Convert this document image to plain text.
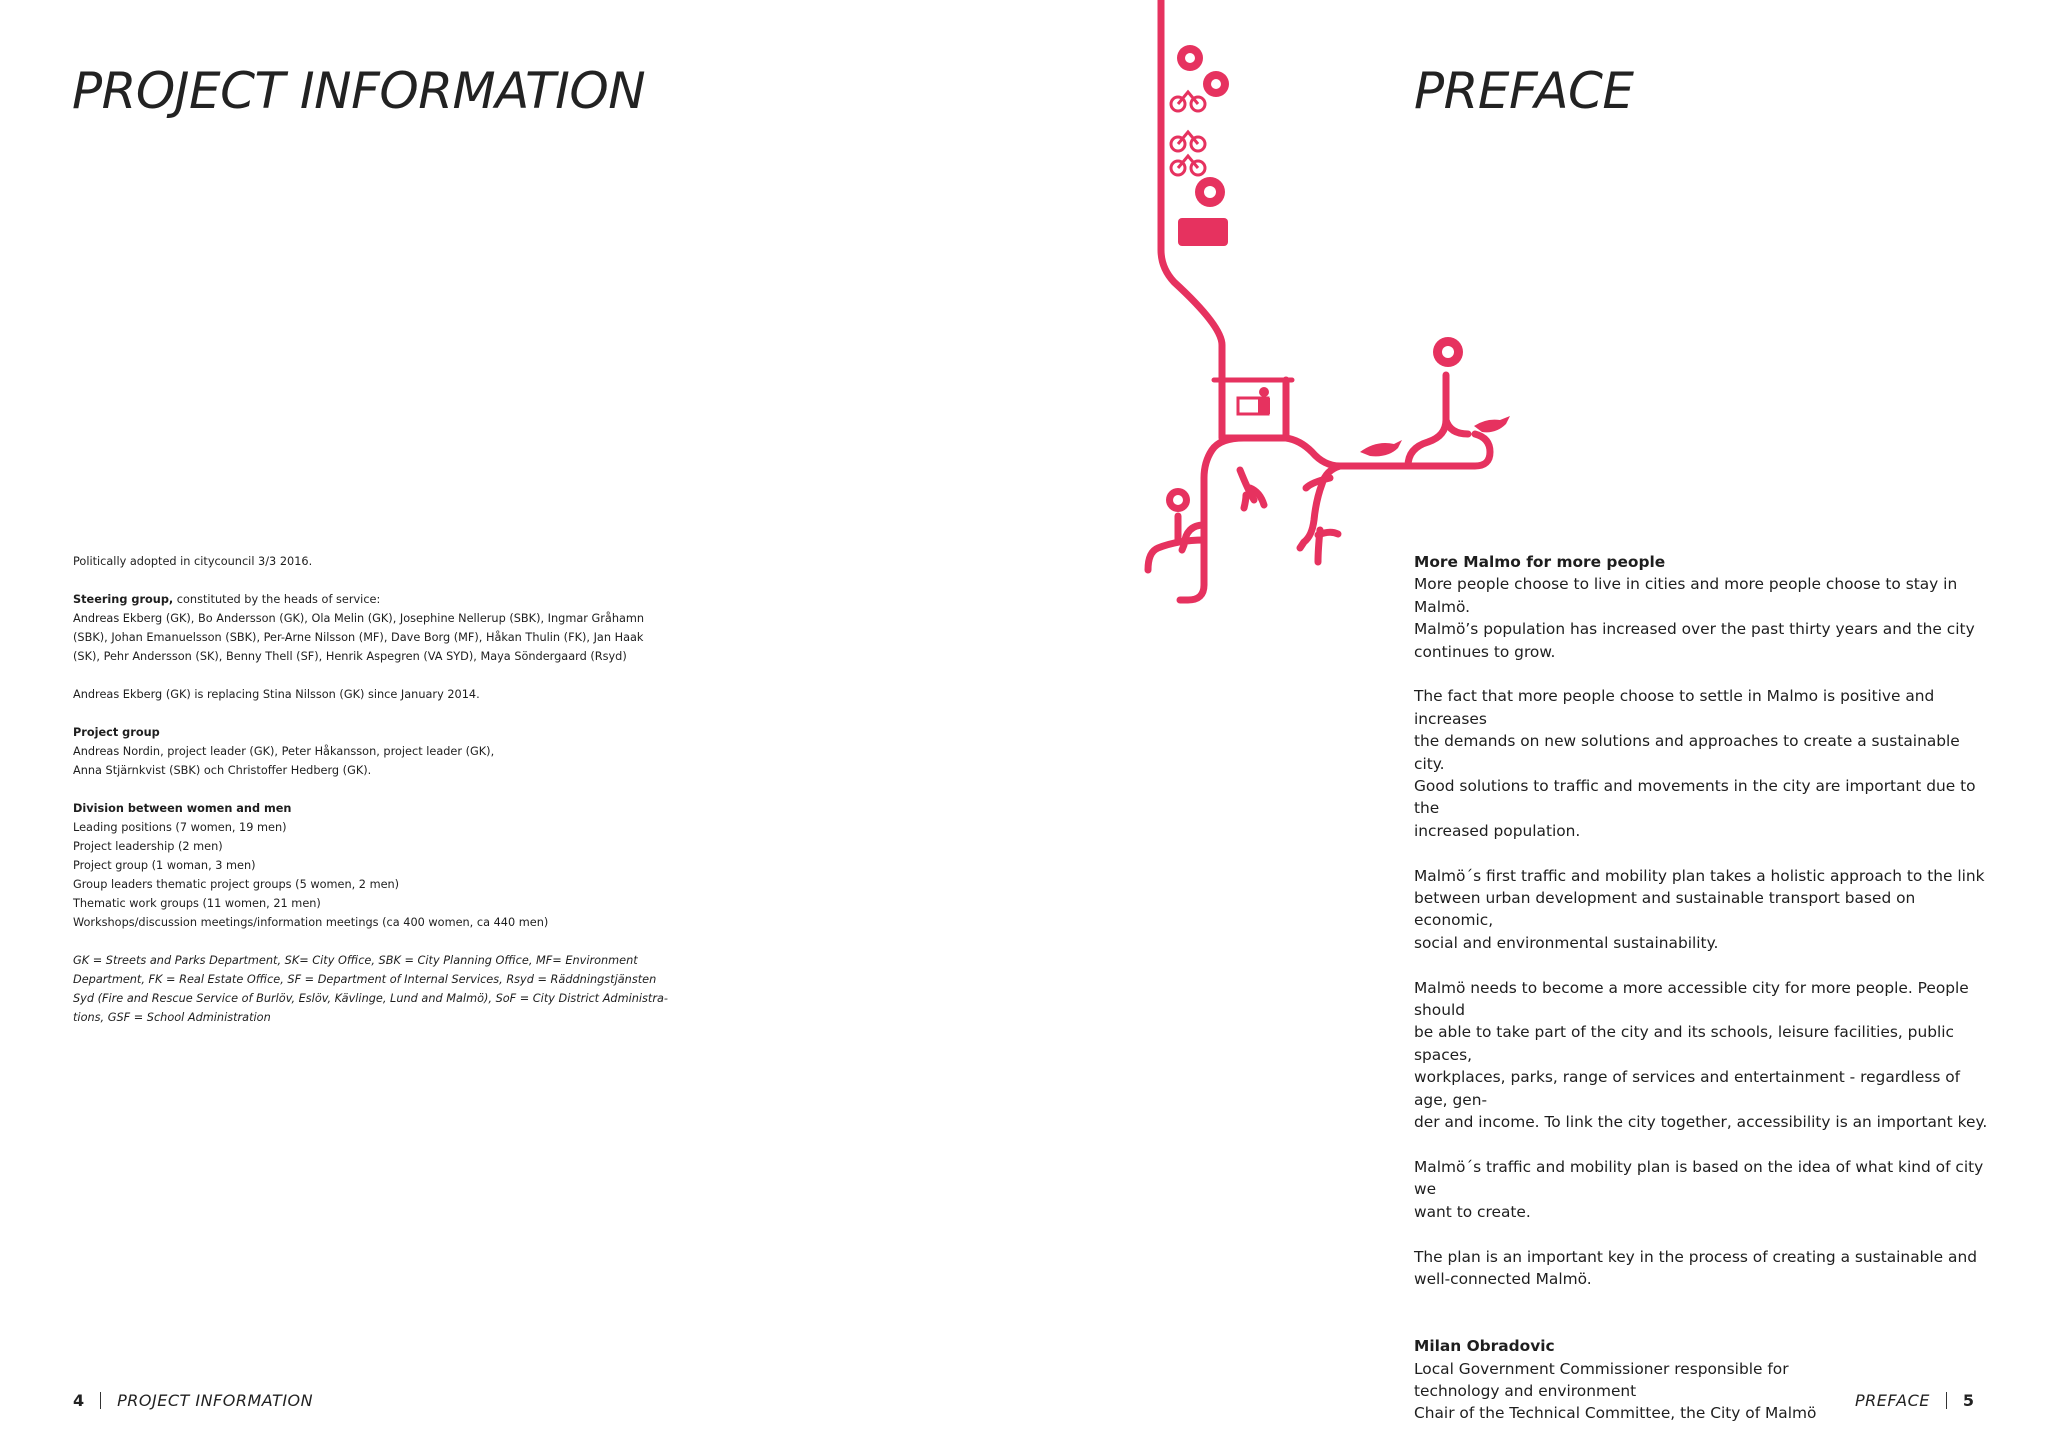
PROJECT INFORMATION	PREFACE

Politically adopted in citycouncil 3/3 2016.

Steering group, constituted by the heads of service:

Andreas Ekberg (GK), Bo Andersson (GK), Ola Melin (GK), Josephine Nellerup (SBK), Ingmar Gråhamn

(SBK), Johan Emanuelsson (SBK), Per-Arne Nilsson (MF), Dave Borg (MF), Håkan Thulin (FK), Jan Haak

(SK), Pehr Andersson (SK), Benny Thell (SF), Henrik Aspegren (VA SYD), Maya Söndergaard (Rsyd)

Andreas Ekberg (GK) is replacing Stina Nilsson (GK) since January 2014.

Project group

Andreas Nordin, project leader (GK), Peter Håkansson, project leader (GK),

Anna Stjärnkvist (SBK) och Christoffer Hedberg (GK).

Division between women and men

Leading positions (7 women, 19 men)

Project leadership (2 men)

Project group (1 woman, 3 men)

Group leaders thematic project groups (5 women, 2 men)

Thematic work groups (11 women, 21 men)

Workshops/discussion meetings/information meetings (ca 400 women, ca 440 men)

GK = Streets and Parks Department, SK= City Office, SBK = City Planning Office, MF= Environment

Department, FK = Real Estate Office, SF = Department of Internal Services, Rsyd = Räddningstjänsten

Syd (Fire and Rescue Service of Burlöv, Eslöv, Kävlinge, Lund and Malmö), SoF = City District Administra-

tions, GSF = School Administration

More Malmo for more people

More people choose to live in cities and more people choose to stay in Malmö.

Malmö’s population has increased over the past thirty years and the city

continues to grow.

The fact that more people choose to settle in Malmo is positive and increases

the demands on new solutions and approaches to create a sustainable city.

Good solutions to traffic and movements in the city are important due to the

increased population.

Malmö´s first traffic and mobility plan takes a holistic approach to the link

between urban development and sustainable transport based on economic,

social and environmental sustainability.

Malmö needs to become a more accessible city for more people. People should

be able to take part of the city and its schools, leisure facilities, public spaces,

workplaces, parks, range of services and entertainment - regardless of age, gen-

der and income. To link the city together, accessibility is an important key.

Malmö´s traffic and mobility plan is based on the idea of what kind of city we

want to create.

The plan is an important key in the process of creating a sustainable and

well-connected Malmö.

Milan Obradovic

Local Government Commissioner responsible for

technology and environment

Chair of the Technical Committee, the City of Malmö

4 PROJECT INFORMATION	PREFACE 5
